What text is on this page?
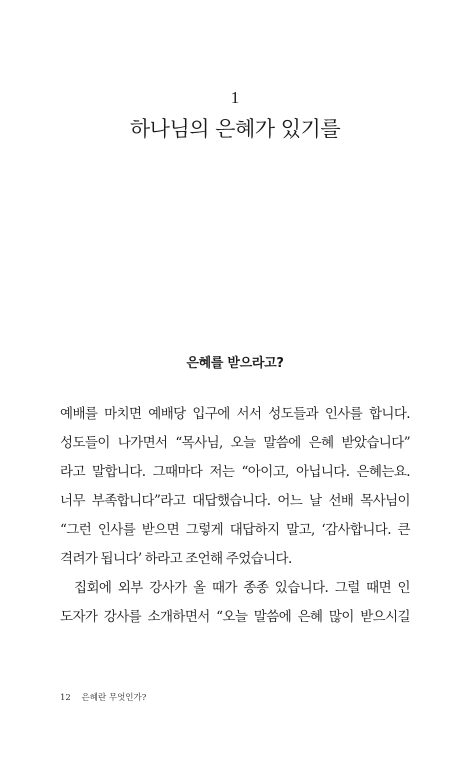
1
하나님의 은혜가 있기를
은혜를 받으라고?
예배를 마치면 예배당 입구에 서서 성도들과 인사를 합니다.
성도들이 나가면서 “목사님, 오늘 말씀에 은혜 받았습니다”
라고 말합니다. 그때마다 저는 “아이고, 아닙니다. 은혜는요.
너무 부족합니다”라고 대답했습니다. 어느 날 선배 목사님이
“그런 인사를 받으면 그렇게 대답하지 말고, ‘감사합니다. 큰
격려가 됩니다’ 하라고 조언해 주었습니다.
집회에 외부 강사가 올 때가 종종 있습니다. 그럴 때면 인
도자가 강사를 소개하면서 “오늘 말씀에 은혜 많이 받으시길
12 은혜란 무엇인가?
